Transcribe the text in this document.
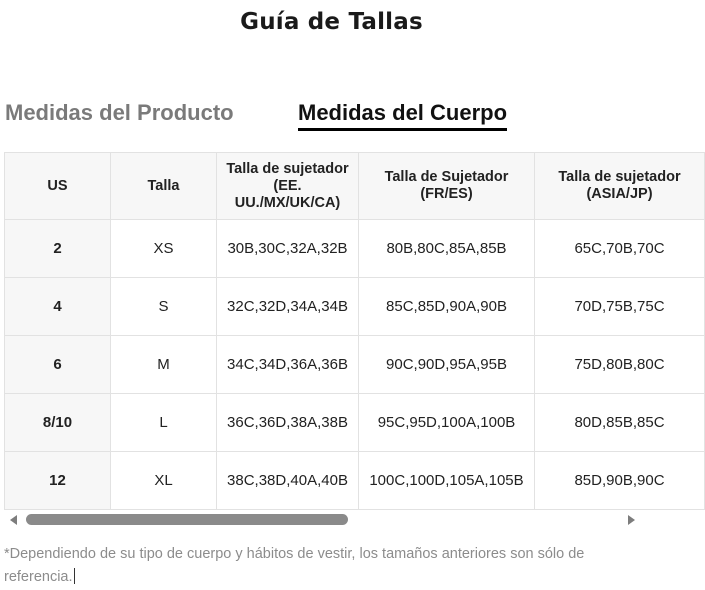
Guía de Tallas
Medidas del Producto	Medidas del Cuerpo
US	Talla	Talla de sujetador (EE. UU./MX/UK/CA)	Talla de Sujetador (FR/ES)	Talla de sujetador (ASIA/JP)
2	XS	30B,30C,32A,32B	80B,80C,85A,85B	65C,70B,70C
4	S	32C,32D,34A,34B	85C,85D,90A,90B	70D,75B,75C
6	M	34C,34D,36A,36B	90C,90D,95A,95B	75D,80B,80C
8/10	L	36C,36D,38A,38B	95C,95D,100A,100B	80D,85B,85C
12	XL	38C,38D,40A,40B	100C,100D,105A,105B	85D,90B,90C
*Dependiendo de su tipo de cuerpo y hábitos de vestir, los tamaños anteriores son sólo de referencia.
